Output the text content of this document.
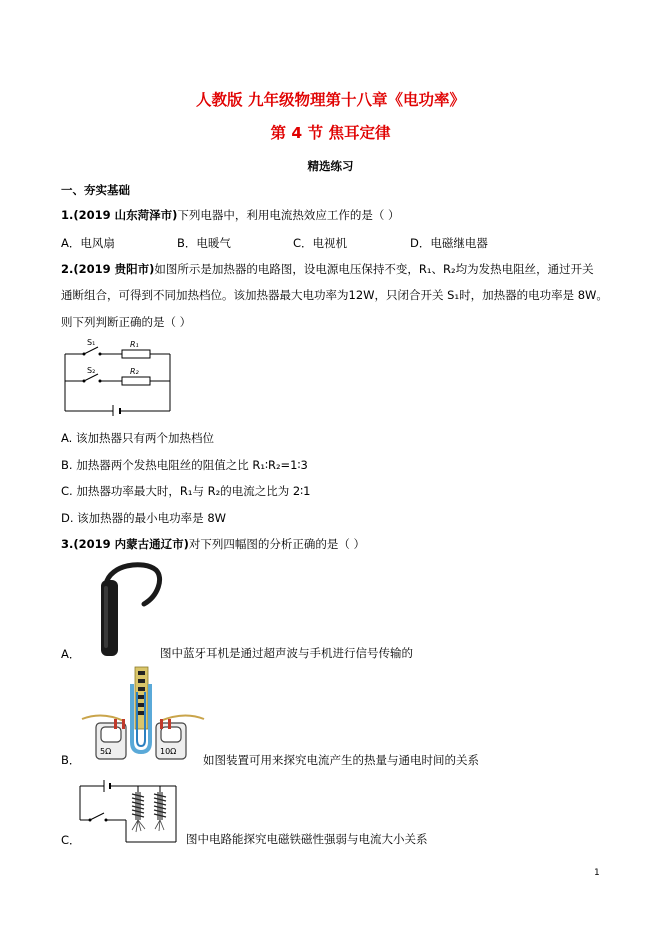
人教版 九年级物理第十八章《电功率》
第 4 节 焦耳定律
精选练习
一、夯实基础
1.(2019 山东菏泽市)下列电器中，利用电流热效应工作的是（ ）
A．电风扇	B．电暖气	C．电视机	D．电磁继电器
2.(2019 贵阳市)如图所示是加热器的电路图，设电源电压保持不变，R₁、R₂均为发热电阻丝，通过开关
通断组合，可得到不同加热档位。该加热器最大电功率为12W，只闭合开关 S₁时，加热器的电功率是 8W。
则下列判断正确的是（ ）
S₁	R₁
S₂	R₂
A. 该加热器只有两个加热档位
B. 加热器两个发热电阻丝的阻值之比 R₁∶R₂=1∶3
C. 加热器功率最大时，R₁与 R₂的电流之比为 2∶1
D. 该加热器的最小电功率是 8W
3.(2019 内蒙古通辽市)对下列四幅图的分析正确的是（ ）
A．	图中蓝牙耳机是通过超声波与手机进行信号传输的
5Ω	10Ω
B．	如图装置可用来探究电流产生的热量与通电时间的关系
C．	图中电路能探究电磁铁磁性强弱与电流大小关系
1
